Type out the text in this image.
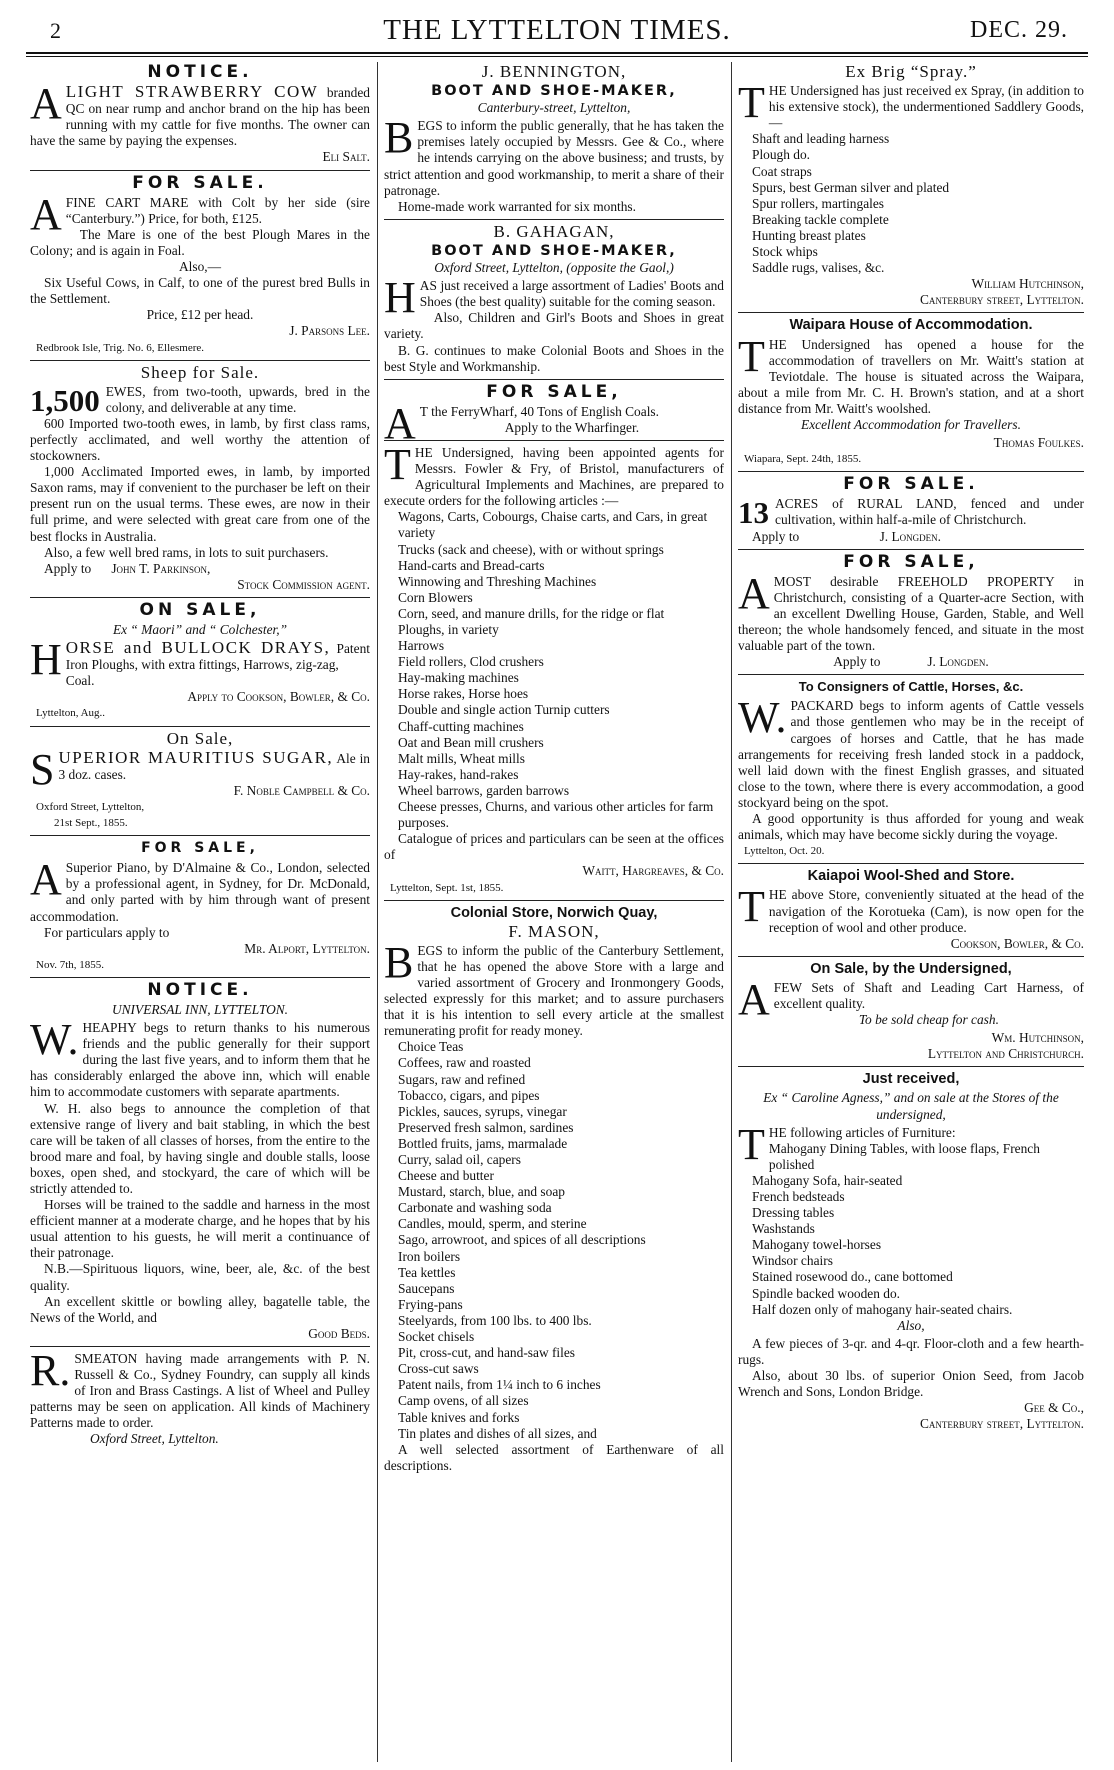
2	THE LYTTELTON TIMES.	DEC. 29.
NOTICE.

ALIGHT STRAWBERRY COW branded QC on near rump and anchor brand on the hip has been running with my cattle for five months. The owner can have the same by paying the expenses.

Eli Salt.
FOR SALE.

AFINE CART MARE with Colt by her side (sire “Canterbury.”) Price, for both, £125.

The Mare is one of the best Plough Mares in the Colony; and is again in Foal.

Also,—

Six Useful Cows, in Calf, to one of the purest bred Bulls in the Settlement.

Price, £12 per head.
J. Parsons Lee.
Redbrook Isle, Trig. No. 6, Ellesmere.
Sheep for Sale.

1,500 EWES, from two-tooth, upwards, bred in the colony, and deliverable at any time.

600 Imported two-tooth ewes, in lamb, by first class rams, perfectly acclimated, and well worthy the attention of stockowners.

1,000 Acclimated Imported ewes, in lamb, by imported Saxon rams, may if convenient to the purchaser be left on their present run on the usual terms. These ewes, are now in their full prime, and were selected with great care from one of the best flocks in Australia.

Also, a few well bred rams, in lots to suit purchasers.

Apply to John T. Parkinson,

Stock Commission agent.
ON SALE,
Ex “ Maori” and “ Colchester,”

HORSE and BULLOCK DRAYS, Patent Iron Ploughs, with extra fittings, Harrows, zig-zag,

Coal.

Apply to Cookson, Bowler, & Co.
Lyttelton, Aug..
On Sale,

SUPERIOR MAURITIUS SUGAR, Ale in 3 doz. cases.

F. Noble Campbell & Co.
Oxford Street, Lyttelton,
21st Sept., 1855.
FOR SALE,

A Superior Piano, by D'Almaine & Co., London, selected by a professional agent, in Sydney, for Dr. McDonald, and only parted with by him through want of present accommodation.

For particulars apply to

Mr. Alport, Lyttelton.
Nov. 7th, 1855.
NOTICE.
UNIVERSAL INN, LYTTELTON.

W. HEAPHY begs to return thanks to his numerous friends and the public generally for their support during the last five years, and to inform them that he has considerably enlarged the above inn, which will enable him to accommodate customers with separate apartments.

W. H. also begs to announce the completion of that extensive range of livery and bait stabling, in which the best care will be taken of all classes of horses, from the entire to the brood mare and foal, by having single and double stalls, loose boxes, open shed, and stockyard, the care of which will be strictly attended to.

Horses will be trained to the saddle and harness in the most efficient manner at a moderate charge, and he hopes that by his usual attention to his guests, he will merit a continuance of their patronage.

N.B.—Spirituous liquors, wine, beer, ale, &c. of the best quality.

An excellent skittle or bowling alley, bagatelle table, the News of the World, and

Good Beds.

R. SMEATON having made arrangements with P. N. Russell & Co., Sydney Foundry, can supply all kinds of Iron and Brass Castings. A list of Wheel and Pulley patterns may be seen on application. All kinds of Machinery Patterns made to order.

Oxford Street, Lyttelton.
J. BENNINGTON,
BOOT AND SHOE-MAKER,
Canterbury-street, Lyttelton,

BEGS to inform the public generally, that he has taken the premises lately occupied by Messrs. Gee & Co., where he intends carrying on the above business; and trusts, by strict attention and good workmanship, to merit a share of their patronage.

Home-made work warranted for six months.

B. GAHAGAN,
BOOT AND SHOE-MAKER,
Oxford Street, Lyttelton, (opposite the Gaol,)

HAS just received a large assortment of Ladies' Boots and Shoes (the best quality) suitable for the coming season.

Also, Children and Girl's Boots and Shoes in great variety.

B. G. continues to make Colonial Boots and Shoes in the best Style and Workmanship.

FOR SALE,

A T the FerryWharf, 40 Tons of English Coals.

Apply to the Wharfinger.

THE Undersigned, having been appointed agents for Messrs. Fowler & Fry, of Bristol, manufacturers of Agricultural Implements and Machines, are prepared to execute orders for the following articles :—

Wagons, Carts, Cobourgs, Chaise carts, and Cars, in great variety
Trucks (sack and cheese), with or without springs
Hand-carts and Bread-carts
Winnowing and Threshing Machines
Corn Blowers
Corn, seed, and manure drills, for the ridge or flat
Ploughs, in variety
Harrows
Field rollers, Clod crushers
Hay-making machines
Horse rakes, Horse hoes
Double and single action Turnip cutters
Chaff-cutting machines
Oat and Bean mill crushers
Malt mills, Wheat mills
Hay-rakes, hand-rakes
Wheel barrows, garden barrows
Cheese presses, Churns, and various other articles for farm purposes.

Catalogue of prices and particulars can be seen at the offices of

Waitt, Hargreaves, & Co.
Lyttelton, Sept. 1st, 1855.
Colonial Store, Norwich Quay,
F. MASON,

BEGS to inform the public of the Canterbury Settlement, that he has opened the above Store with a large and varied assortment of Grocery and Ironmongery Goods, selected expressly for this market; and to assure purchasers that it is his intention to sell every article at the smallest remunerating profit for ready money.

Choice Teas
Coffees, raw and roasted
Sugars, raw and refined
Tobacco, cigars, and pipes
Pickles, sauces, syrups, vinegar
Preserved fresh salmon, sardines
Bottled fruits, jams, marmalade
Curry, salad oil, capers
Cheese and butter
Mustard, starch, blue, and soap
Carbonate and washing soda
Candles, mould, sperm, and sterine
Sago, arrowroot, and spices of all descriptions
Iron boilers
Tea kettles
Saucepans
Frying-pans
Steelyards, from 100 lbs. to 400 lbs.
Socket chisels
Pit, cross-cut, and hand-saw files
Cross-cut saws
Patent nails, from 1¼ inch to 6 inches
Camp ovens, of all sizes
Table knives and forks
Tin plates and dishes of all sizes, and

A well selected assortment of Earthenware of all descriptions.

Ex Brig “Spray.”

THE Undersigned has just received ex Spray, (in addition to his extensive stock), the undermentioned Saddlery Goods,—

Shaft and leading harness
Plough do.
Coat straps
Spurs, best German silver and plated
Spur rollers, martingales
Breaking tackle complete
Hunting breast plates
Stock whips
Saddle rugs, valises, &c.
William Hutchinson,
Canterbury street, Lyttelton.
Waipara House of Accommodation.

THE Undersigned has opened a house for the accommodation of travellers on Mr. Waitt's station at Teviotdale. The house is situated across the Waipara, about a mile from Mr. C. H. Brown's station, and at a short distance from Mr. Waitt's woolshed.

Excellent Accommodation for Travellers.
Thomas Foulkes.
Wiapara, Sept. 24th, 1855.
FOR SALE.

13 ACRES of RURAL LAND, fenced and under cultivation, within half-a-mile of Christchurch.

Apply to	J. Longden.

FOR SALE,

AMOST desirable FREEHOLD PROPERTY in Christchurch, consisting of a Quarter-acre Section, with an excellent Dwelling House, Garden, Stable, and Well thereon; the whole handsomely fenced, and situate in the most valuable part of the town.

Apply to	J. Longden.

To Consigners of Cattle, Horses, &c.

W. PACKARD begs to inform agents of Cattle vessels and those gentlemen who may be in the receipt of cargoes of horses and Cattle, that he has made arrangements for receiving fresh landed stock in a paddock, well laid down with the finest English grasses, and situated close to the town, where there is every accommodation, a good stockyard being on the spot.

A good opportunity is thus afforded for young and weak animals, which may have become sickly during the voyage.

Lyttelton, Oct. 20.
Kaiapoi Wool-Shed and Store.

THE above Store, conveniently situated at the head of the navigation of the Korotueka (Cam), is now open for the reception of wool and other produce.

Cookson, Bowler, & Co.
On Sale, by the Undersigned,

AFEW Sets of Shaft and Leading Cart Harness, of excellent quality.

To be sold cheap for cash.
Wm. Hutchinson,
Lyttelton and Christchurch.
Just received,
Ex “ Caroline Agness,” and on sale at the Stores of the undersigned,

THE following articles of Furniture:

Mahogany Dining Tables, with loose flaps, French polished
Mahogany Sofa, hair-seated
French bedsteads
Dressing tables
Washstands
Mahogany towel-horses
Windsor chairs
Stained rosewood do., cane bottomed
Spindle backed wooden do.
Half dozen only of mahogany hair-seated chairs.
Also,

A few pieces of 3-qr. and 4-qr. Floor-cloth and a few hearth-rugs.

Also, about 30 lbs. of superior Onion Seed, from Jacob Wrench and Sons, London Bridge.

Gee & Co.,
Canterbury street, Lyttelton.
